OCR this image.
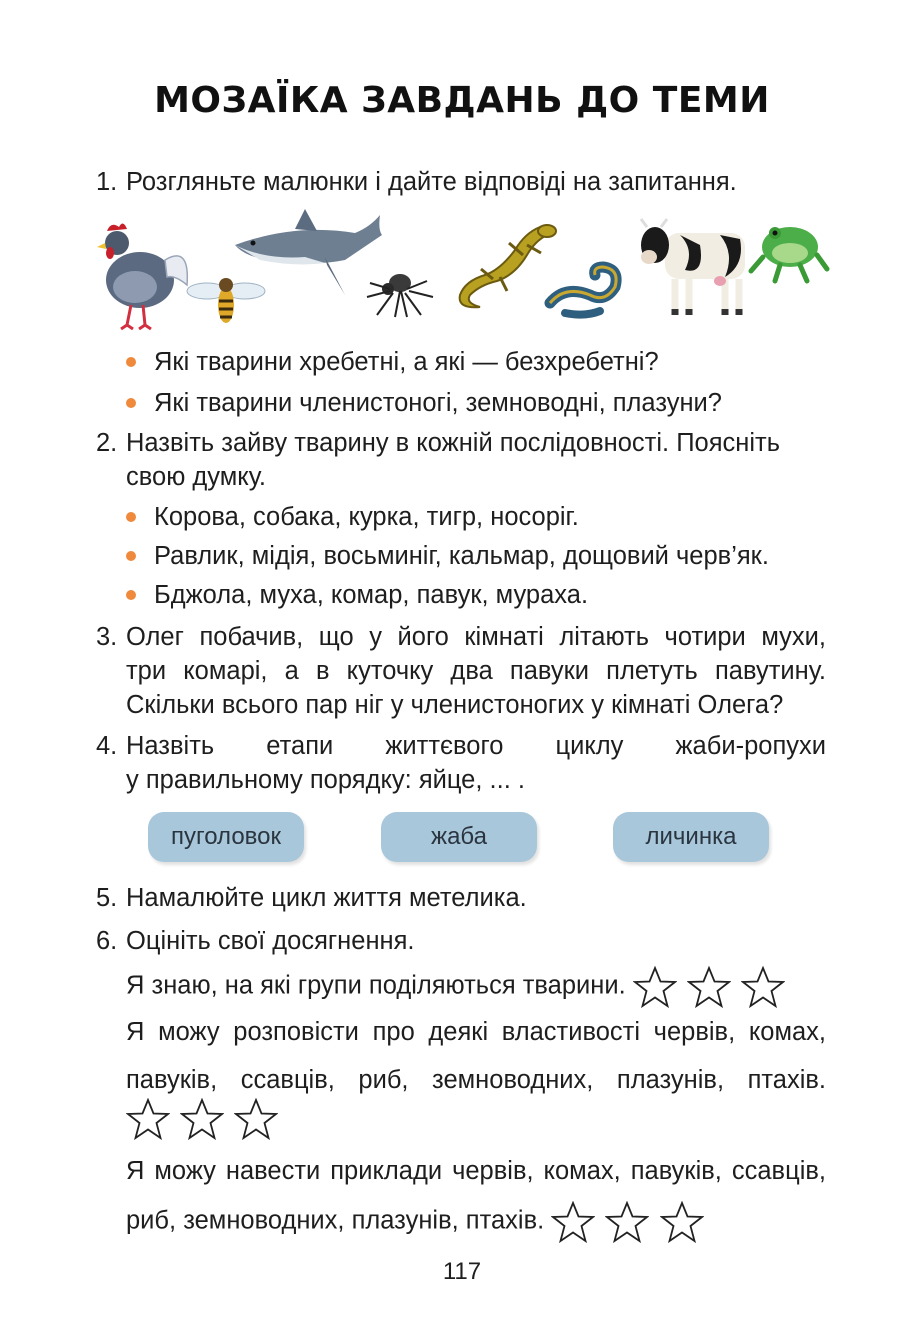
МОЗАЇКА ЗАВДАНЬ ДО ТЕМИ
1. Розгляньте малюнки і дайте відповіді на запитання.
Які тварини хребетні, а які — безхребетні?
Які тварини членистоногі, земноводні, плазуни?
2. Назвіть зайву тварину в кожній послідовності. Поясніть
свою думку.
Корова, собака, курка, тигр, носоріг.
Равлик, мідія, восьминіг, кальмар, дощовий черв’як.
Бджола, муха, комар, павук, мураха.
3. Олег побачив, що у його кімнаті літають чотири мухи,
три комарі, а в куточку два павуки плетуть павутину.
Скільки всього пар ніг у членистоногих у кімнаті Олега?
4. Назвіть етапи життєвого циклу жаби-ропухи
у правильному порядку: яйце, ... .
пуголовок	жаба	личинка
5. Намалюйте цикл життя метелика.
6. Оцініть свої досягнення.
Я знаю, на які групи поділяються тварини.
Я можу розповісти про деякі властивості червів, комах,
павуків, ссавців, риб, земноводних, плазунів, птахів.

Я можу навести приклади червів, комах, павуків, ссавців,
риб, земноводних, плазунів, птахів.
117
